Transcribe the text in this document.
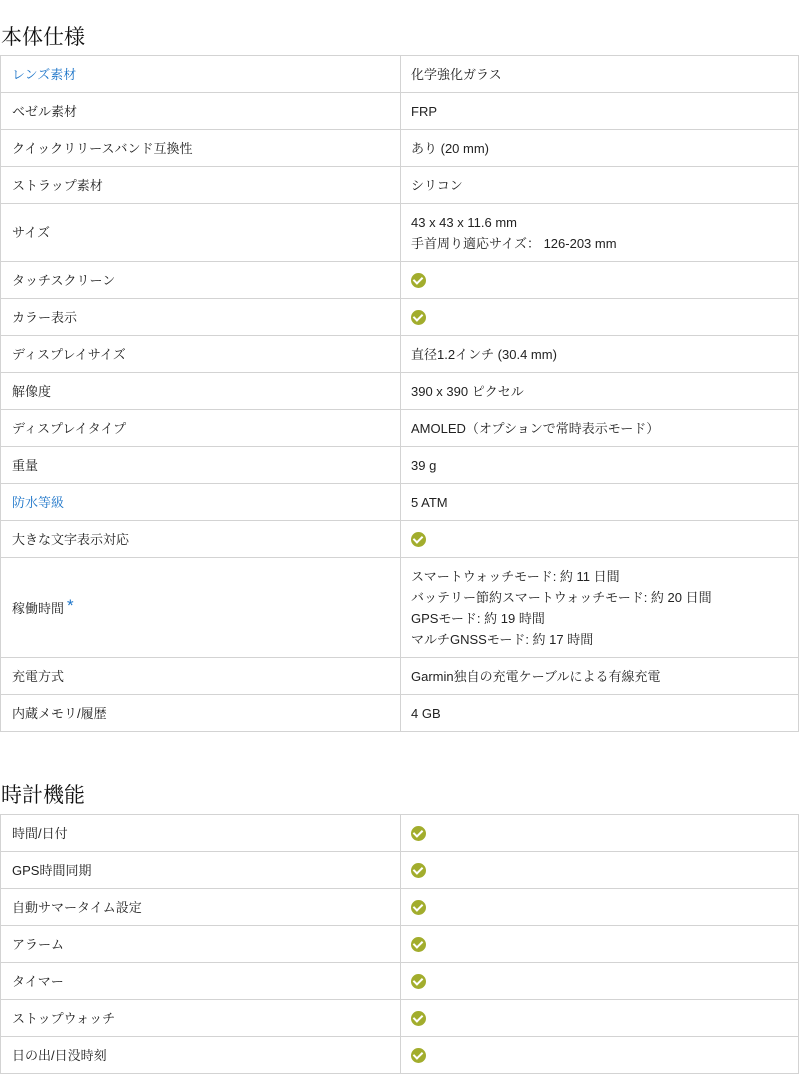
本体仕様
レンズ素材	化学強化ガラス

ベゼル素材	FRP

クイックリリースバンド互換性	あり (20 mm)

ストラップ素材	シリコン

サイズ	43 x 43 x 11.6 mm
手首周り適応サイズ： 126-203 mm

タッチスクリーン	
カラー表示	
ディスプレイサイズ	直径1.2インチ (30.4 mm)

解像度	390 x 390 ピクセル

ディスプレイタイプ	AMOLED（オプションで常時表示モード）

重量	39 g

防水等級	5 ATM

大きな文字表示対応	
稼働時間 *	スマートウォッチモード: 約 11 日間
バッテリー節約スマートウォッチモード: 約 20 日間
GPSモード: 約 19 時間
マルチGNSSモード: 約 17 時間

充電方式	Garmin独自の充電ケーブルによる有線充電

内蔵メモリ/履歴	4 GB
時計機能
時間/日付	
GPS時間同期	
自動サマータイム設定	
アラーム	
タイマー	
ストップウォッチ	
日の出/日没時刻	
